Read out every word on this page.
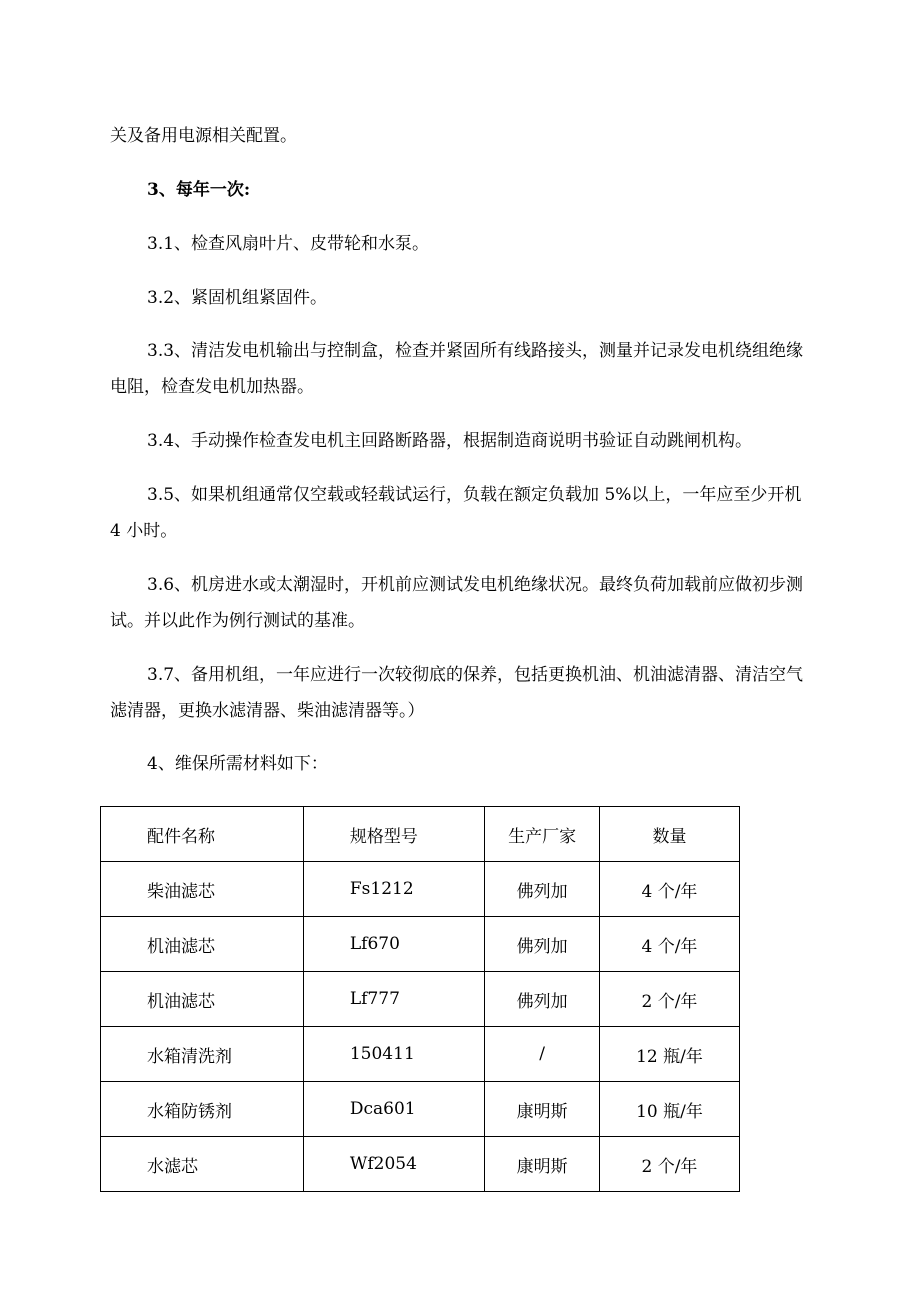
关及备用电源相关配置。

3、每年一次:

3.1、检查风扇叶片、皮带轮和水泵。

3.2、紧固机组紧固件。

3.3、清洁发电机输出与控制盒，检查并紧固所有线路接头，测量并记录发电机绕组绝缘电阻，检查发电机加热器。

3.4、手动操作检查发电机主回路断路器，根据制造商说明书验证自动跳闸机构。

3.5、如果机组通常仅空载或轻载试运行，负载在额定负载加 5%以上，一年应至少开机 4 小时。

3.6、机房进水或太潮湿时，开机前应测试发电机绝缘状况。最终负荷加载前应做初步测试。并以此作为例行测试的基准。

3.7、备用机组，一年应进行一次较彻底的保养，包括更换机油、机油滤清器、清洁空气滤清器，更换水滤清器、柴油滤清器等。）

4、维保所需材料如下：

配件名称	规格型号	生产厂家	数量
柴油滤芯	Fs1212	佛列加	4 个/年
机油滤芯	Lf670	佛列加	4 个/年
机油滤芯	Lf777	佛列加	2 个/年
水箱清洗剂	150411	/	12 瓶/年
水箱防锈剂	Dca601	康明斯	10 瓶/年
水滤芯	Wf2054	康明斯	2 个/年
